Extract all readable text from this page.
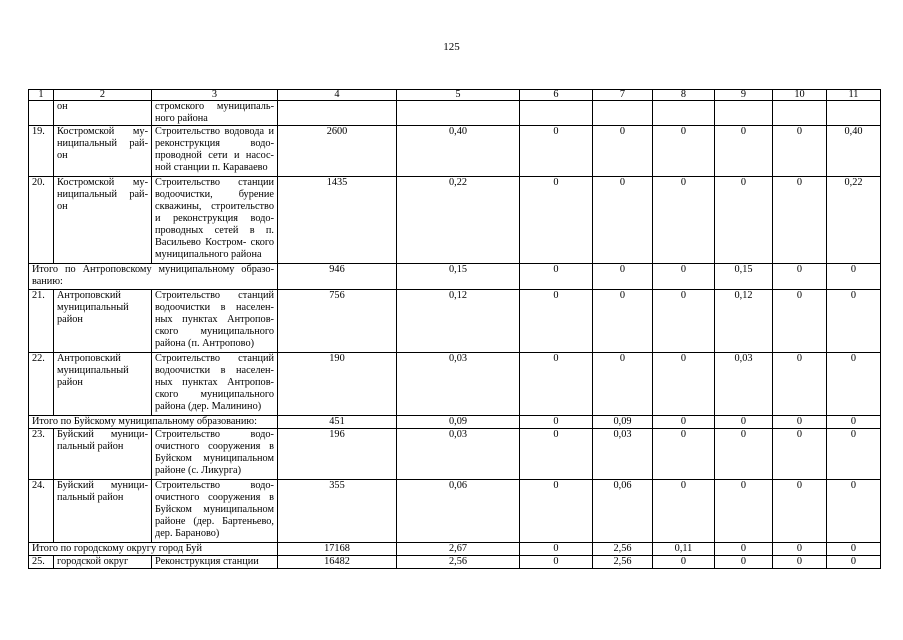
125
1	2	3	4	5	6	7	8	9	10	11
	он	стромского муниципаль- ного района								
19.	Костромской му- ниципальный рай- он	Строительство водовода и реконструкция водо- проводной сети и насос- ной станции п. Караваево	2600	0,40	0	0	0	0	0	0,40
20.	Костромской му- ниципальный рай- он	Строительство станции водоочистки, бурение скважины, строительство и реконструкция водо- проводных сетей в п. Васильево Костром- ского муниципального района	1435	0,22	0	0	0	0	0	0,22
Итого по Антроповскому муниципальному образо- ванию:			946	0,15	0	0	0	0,15	0	0
21.	Антроповский муниципальный район	Строительство станций водоочистки в населен- ных пунктах Антропов- ского муниципального района (п. Антропово)	756	0,12	0	0	0	0,12	0	0
22.	Антроповский муниципальный район	Строительство станций водоочистки в населен- ных пунктах Антропов- ского муниципального района (дер. Малинино)	190	0,03	0	0	0	0,03	0	0
Итого по Буйскому муниципальному образованию:			451	0,09	0	0,09	0	0	0	0
23.	Буйский муници- пальный район	Строительство водо- очистного сооружения в Буйском муниципальном районе (с. Ликурга)	196	0,03	0	0,03	0	0	0	0
24.	Буйский муници- пальный район	Строительство водо- очистного сооружения в Буйском муниципальном районе (дер. Бартеньево, дер. Бараново)	355	0,06	0	0,06	0	0	0	0
Итого по городскому округу город Буй			17168	2,67	0	2,56	0,11	0	0	0
25.	городской округ	Реконструкция станции	16482	2,56	0	2,56	0	0	0	0
